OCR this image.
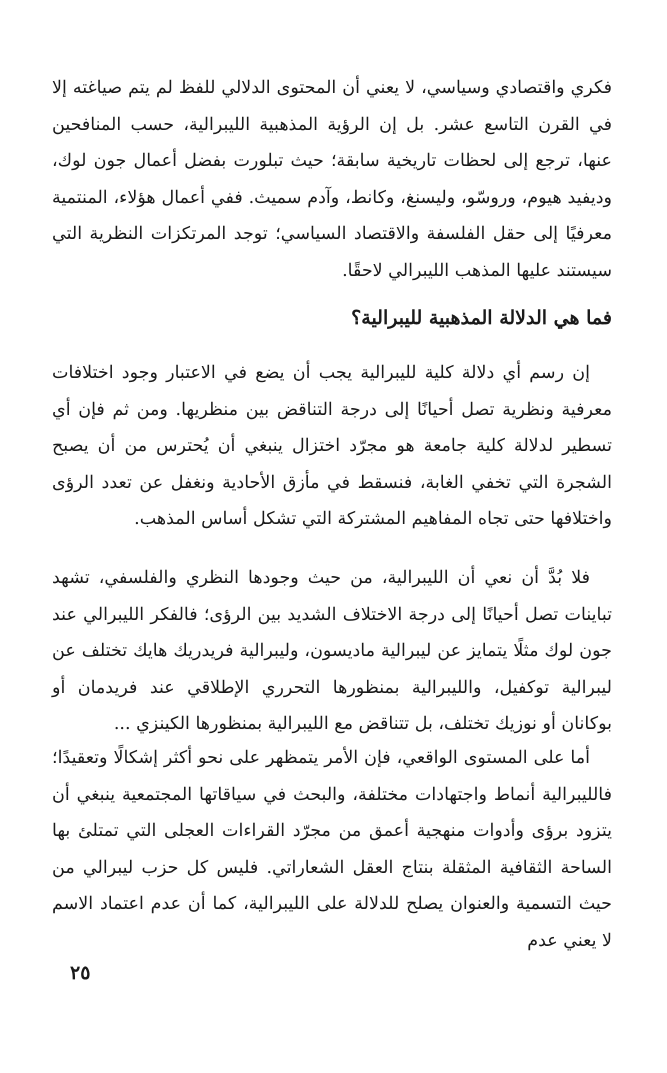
فكري واقتصادي وسياسي، لا يعني أن المحتوى الدلالي للفظ لم يتم صياغته إلا في القرن التاسع عشر. بل إن الرؤية المذهبية الليبرالية، حسب المنافحين عنها، ترجع إلى لحظات تاريخية سابقة؛ حيث تبلورت بفضل أعمال جون لوك، وديفيد هيوم، وروسّو، وليسنغ، وكانط، وآدم سميث. ففي أعمال هؤلاء، المنتمية معرفيًا إلى حقل الفلسفة والاقتصاد السياسي؛ توجد المرتكزات النظرية التي سيستند عليها المذهب الليبرالي لاحقًا.

فما هي الدلالة المذهبية لليبرالية؟

إن رسم أي دلالة كلية لليبرالية يجب أن يضع في الاعتبار وجود اختلافات معرفية ونظرية تصل أحيانًا إلى درجة التناقض بين منظريها. ومن ثم فإن أي تسطير لدلالة كلية جامعة هو مجرّد اختزال ينبغي أن يُحترس من أن يصبح الشجرة التي تخفي الغابة، فنسقط في مأزق الأحادية ونغفل عن تعدد الرؤى واختلافها حتى تجاه المفاهيم المشتركة التي تشكل أساس المذهب.

فلا بُدَّ أن نعي أن الليبرالية، من حيث وجودها النظري والفلسفي، تشهد تباينات تصل أحيانًا إلى درجة الاختلاف الشديد بين الرؤى؛ فالفكر الليبرالي عند جون لوك مثلًا يتمايز عن ليبرالية ماديسون، وليبرالية فريدريك هايك تختلف عن ليبرالية توكفيل، والليبرالية بمنظورها التحرري الإطلاقي عند فريدمان أو بوكانان أو نوزيك تختلف، بل تتناقض مع الليبرالية بمنظورها الكينزي ...

أما على المستوى الواقعي، فإن الأمر يتمظهر على نحو أكثر إشكالًا وتعقيدًا؛ فالليبرالية أنماط واجتهادات مختلفة، والبحث في سياقاتها المجتمعية ينبغي أن يتزود برؤى وأدوات منهجية أعمق من مجرّد القراءات العجلى التي تمتلئ بها الساحة الثقافية المثقلة بنتاج العقل الشعاراتي. فليس كل حزب ليبرالي من حيث التسمية والعنوان يصلح للدلالة على الليبرالية، كما أن عدم اعتماد الاسم لا يعني عدم

٢٥
